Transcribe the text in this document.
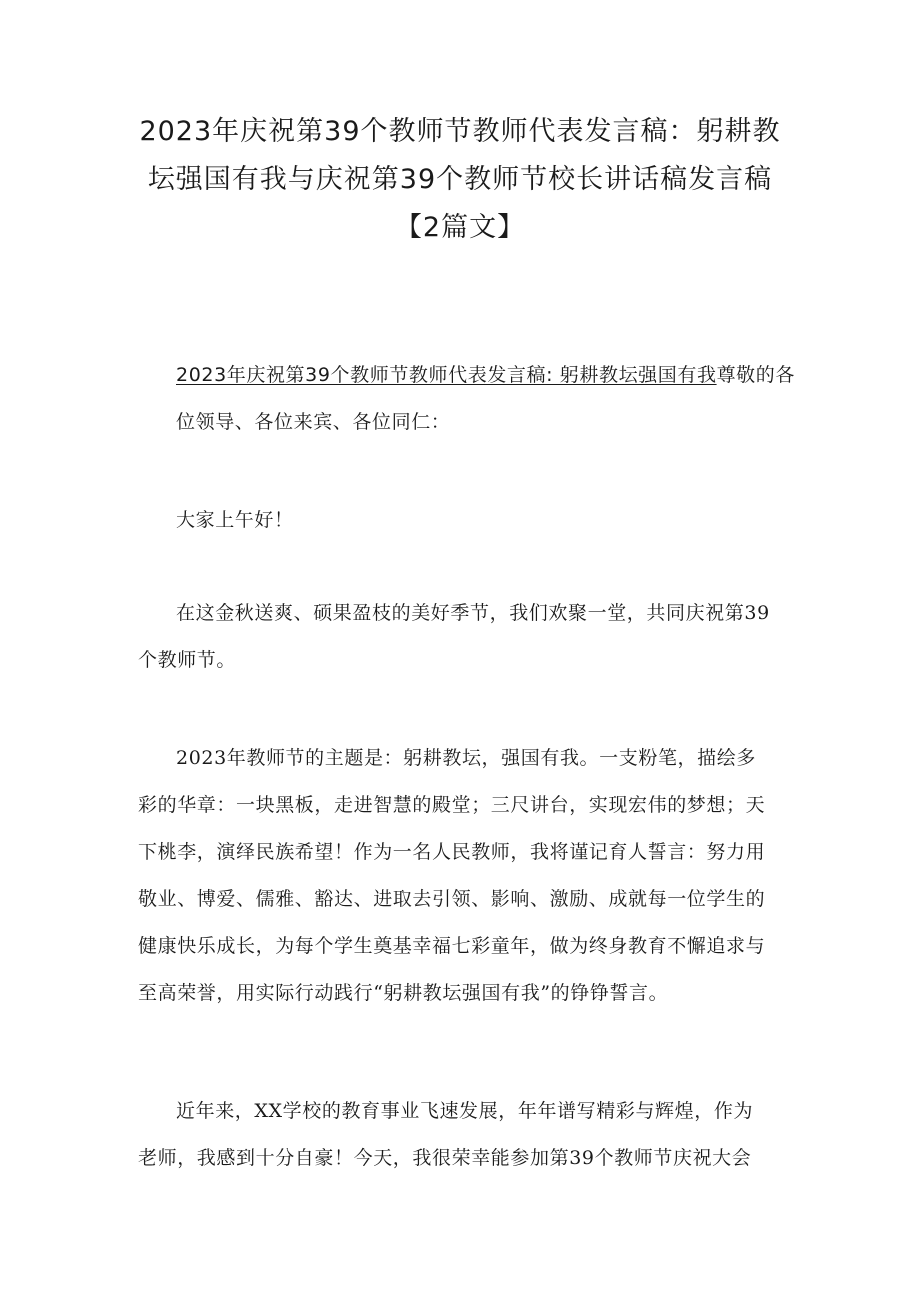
2023年庆祝第39个教师节教师代表发言稿：躬耕教
坛强国有我与庆祝第39个教师节校长讲话稿发言稿
【2篇文】

2023年庆祝第39个教师节教师代表发言稿: 躬耕教坛强国有我尊敬的各

位领导、各位来宾、各位同仁：

大家上午好！

在这金秋送爽、硕果盈枝的美好季节，我们欢聚一堂，共同庆祝第39

个教师节。

2023年教师节的主题是：躬耕教坛，强国有我。一支粉笔，描绘多

彩的华章：一块黑板，走进智慧的殿堂；三尺讲台，实现宏伟的梦想；天

下桃李，演绎民族希望！作为一名人民教师，我将谨记育人誓言：努力用

敬业、博爱、儒雅、豁达、进取去引领、影响、激励、成就每一位学生的

健康快乐成长，为每个学生奠基幸福七彩童年，做为终身教育不懈追求与

至高荣誉，用实际行动践行“躬耕教坛强国有我”的铮铮誓言。

近年来，XX学校的教育事业飞速发展，年年谱写精彩与辉煌，作为

老师，我感到十分自豪！今天，我很荣幸能参加第39个教师节庆祝大会
